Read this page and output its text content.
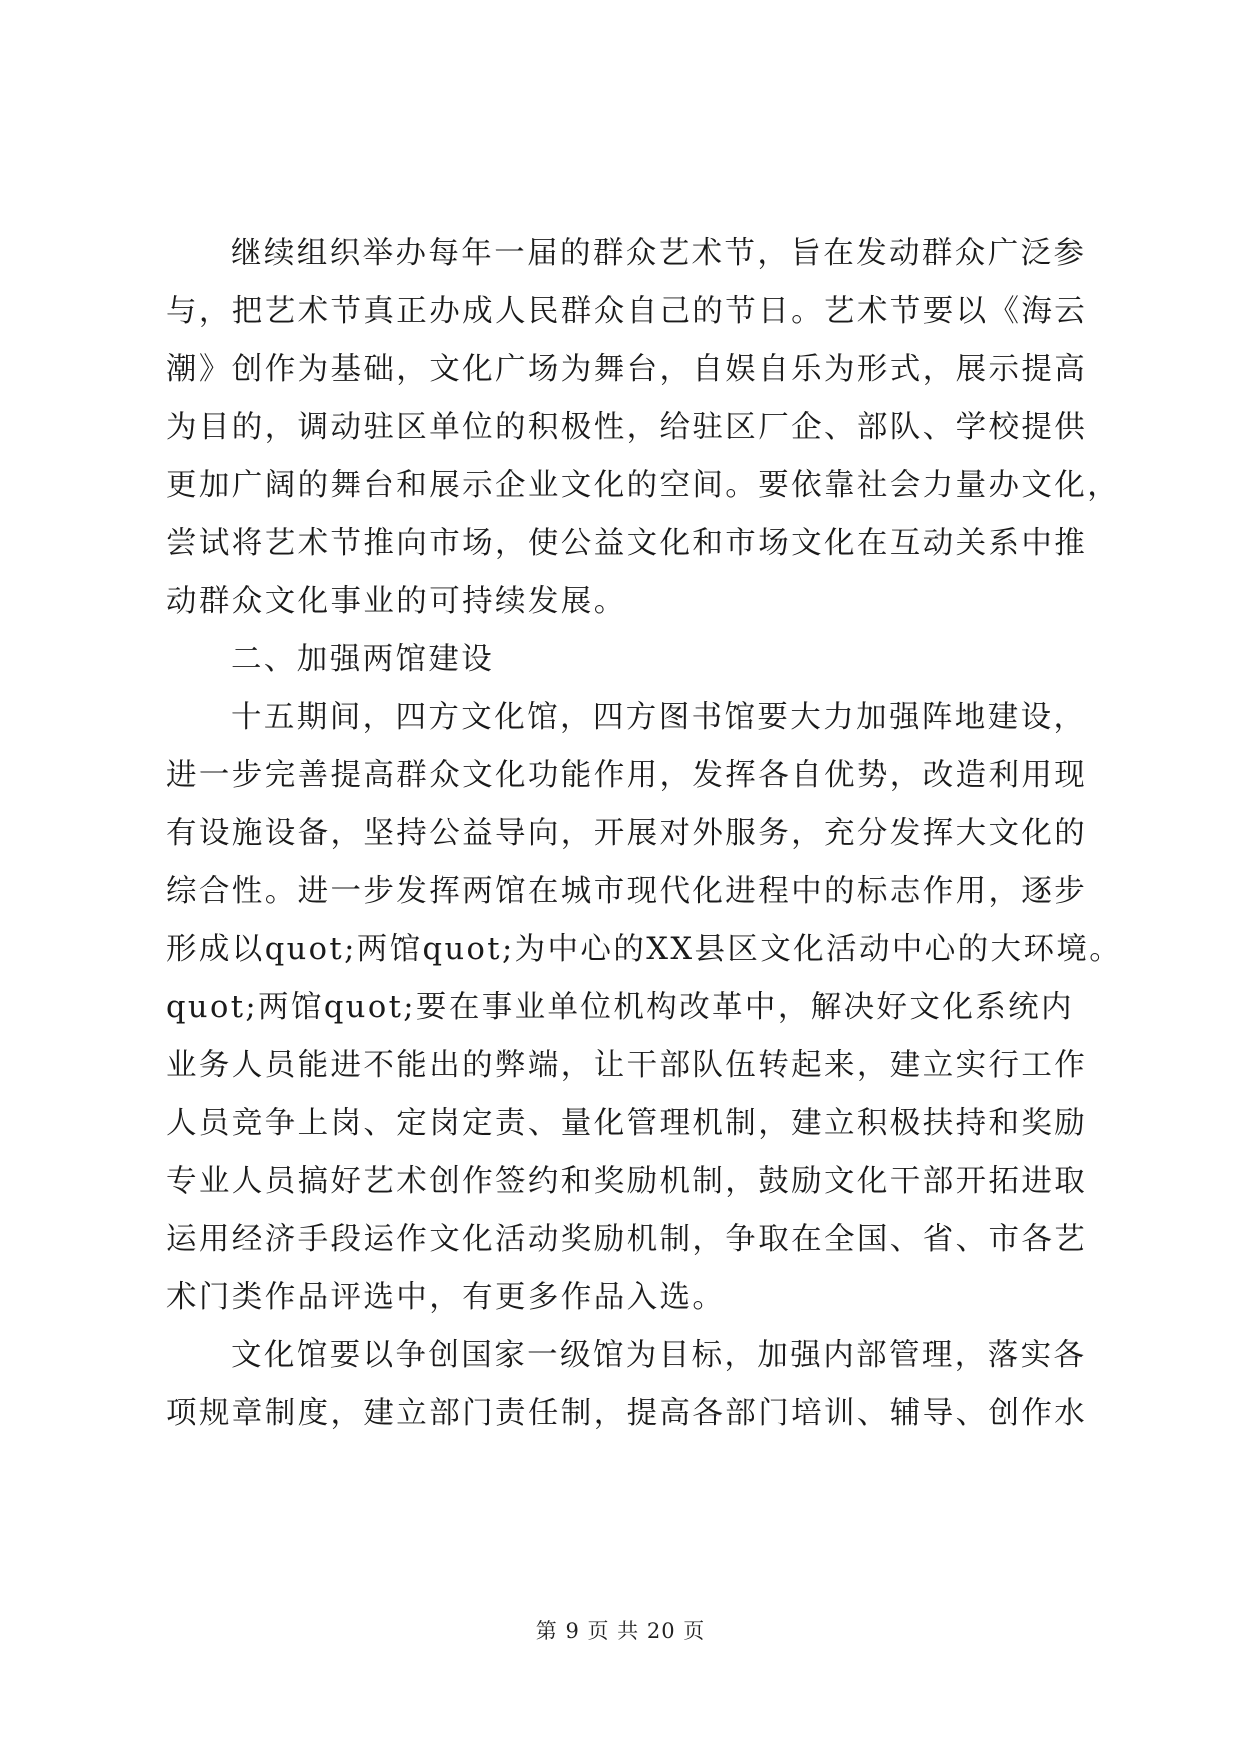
继续组织举办每年一届的群众艺术节，旨在发动群众广泛参
与，把艺术节真正办成人民群众自己的节日。艺术节要以《海云
潮》创作为基础，文化广场为舞台，自娱自乐为形式，展示提高
为目的，调动驻区单位的积极性，给驻区厂企、部队、学校提供
更加广阔的舞台和展示企业文化的空间。要依靠社会力量办文化，
尝试将艺术节推向市场，使公益文化和市场文化在互动关系中推
动群众文化事业的可持续发展。
二、加强两馆建设
十五期间，四方文化馆，四方图书馆要大力加强阵地建设，
进一步完善提高群众文化功能作用，发挥各自优势，改造利用现
有设施设备，坚持公益导向，开展对外服务，充分发挥大文化的
综合性。进一步发挥两馆在城市现代化进程中的标志作用，逐步
形成以quot;两馆quot;为中心的XX县区文化活动中心的大环境。
quot;两馆quot;要在事业单位机构改革中，解决好文化系统内
业务人员能进不能出的弊端，让干部队伍转起来，建立实行工作
人员竞争上岗、定岗定责、量化管理机制，建立积极扶持和奖励
专业人员搞好艺术创作签约和奖励机制，鼓励文化干部开拓进取
运用经济手段运作文化活动奖励机制，争取在全国、省、市各艺
术门类作品评选中，有更多作品入选。
文化馆要以争创国家一级馆为目标，加强内部管理，落实各
项规章制度，建立部门责任制，提高各部门培训、辅导、创作水
第 9 页 共 20 页
